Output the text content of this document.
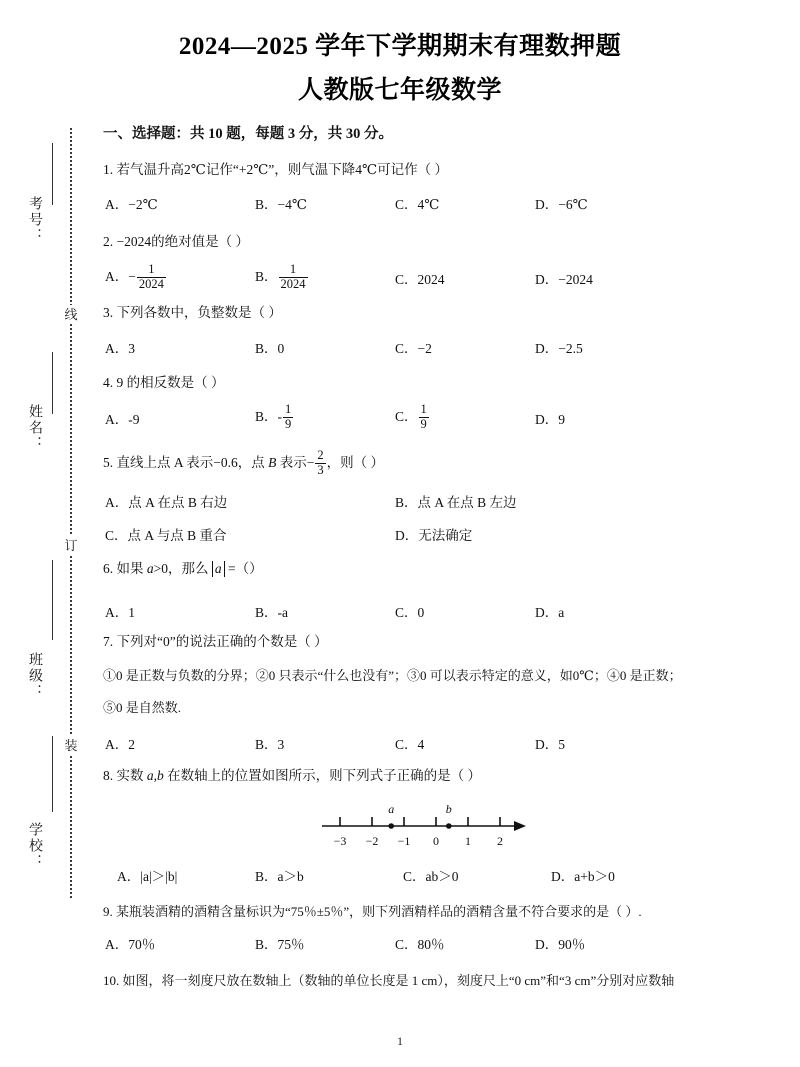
2024—2025 学年下学期期末有理数押题
人教版七年级数学
线
订
装
考号：
姓名：
班级：
学校：
一、选择题：共 10 题，每题 3 分，共 30 分。
1. 若气温升高2℃记作“+2℃”，则气温下降4℃可记作（ ）
A．−2℃	B．−4℃	C．4℃	D．−6℃
2. −2024的绝对值是（ ）
A．− $\frac{1}{2024}$	B． $\frac{1}{2024}$	C．2024	D．−2024
3. 下列各数中，负整数是（ ）
A．3	B．0	C．−2	D．−2.5
4. 9 的相反数是（ ）
A．-9	B．- $\frac{1}{9}$	C． $\frac{1}{9}$	D．9
5. 直线上点 A 表示−0.6，点 B 表示− $\frac{2}{3}$ ，则（ ）
A．点 A 在点 B 右边	B．点 A 在点 B 左边
C．点 A 与点 B 重合	D．无法确定
6. 如果 a>0，那么 a =（）
A．1	B．-a	C．0	D．a
7. 下列对“0”的说法正确的个数是（ ）
①0 是正数与负数的分界；②0 只表示“什么也没有”；③0 可以表示特定的意义，如0℃；④0 是正数；
⑤0 是自然数.
A．2	B．3	C．4	D．5
8. 实数 a,b 在数轴上的位置如图所示，则下列式子正确的是（ ）
A．|a|＞|b|	B．a＞b	C．ab＞0	D．a+b＞0
9. 某瓶装酒精的酒精含量标识为“75％±5％”，则下列酒精样品的酒精含量不符合要求的是（ ）.
A．70％	B．75％	C．80％	D．90％
10. 如图，将一刻度尺放在数轴上（数轴的单位长度是 1 cm），刻度尺上“0 cm”和“3 cm”分别对应数轴
−3 −2 −1 0 1 2
a	b
1
